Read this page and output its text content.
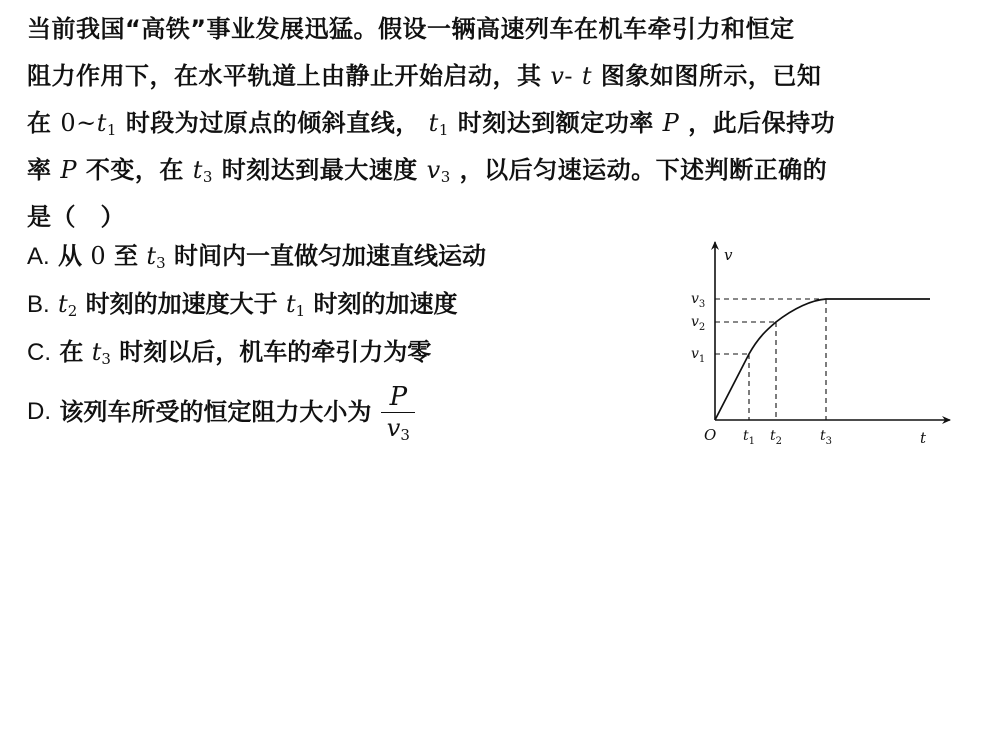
当前我国“高铁”事业发展迅猛。假设一辆高速列车在机车牵引力和恒定
阻力作用下，在水平轨道上由静止开始启动，其 v- t 图象如图所示，已知
在 $0\sim t_1$ 时段为过原点的倾斜直线， $t_1$ 时刻达到额定功率 P ，此后保持功
率 P 不变，在 $t_3$ 时刻达到最大速度 $v_3$ ，以后匀速运动。下述判断正确的
是（　）
A. 从 0 至 $t_3$ 时间内一直做匀加速直线运动
B. $t_2$ 时刻的加速度大于 $t_1$ 时刻的加速度
C. 在 $t_3$ 时刻以后，机车的牵引力为零
D.
该列车所受的恒定阻力大小为 $\frac{P}{v_3}$
v
t
O
$v_1$
$v_2$
$v_3$
$t_1$ $t_2$	$t_3$
